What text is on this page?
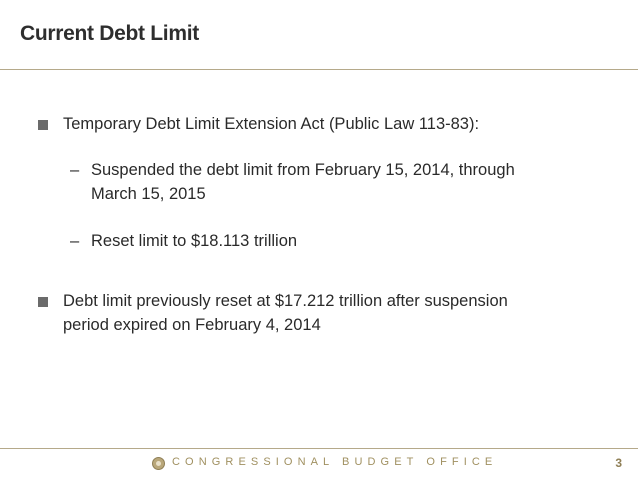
Current Debt Limit
Temporary Debt Limit Extension Act (Public Law 113-83):
– Suspended the debt limit from February 15, 2014, through
March 15, 2015
– Reset limit to $18.113 trillion
Debt limit previously reset at $17.212 trillion after suspension
period expired on February 4, 2014
CONGRESSIONAL BUDGET OFFICE	3
